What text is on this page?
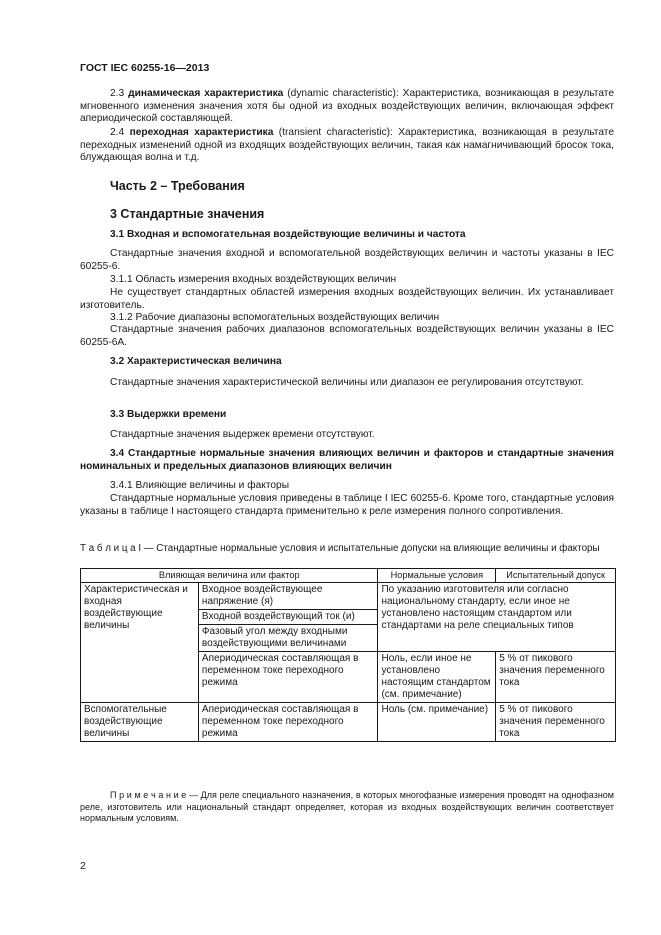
ГОСТ IEC 60255-16—2013

2.3 динамическая характеристика (dynamic characteristic): Характеристика, возникающая в результате мгновенного изменения значения хотя бы одной из входных воздействующих величин, включающая эффект апериодической составляющей.

2.4 переходная характеристика (transient characteristic): Характеристика, возникающая в результате переходных изменений одной из входящих воздействующих величин, такая как намагничивающий бросок тока, блуждающая волна и т.д.

Часть 2 – Требования
3 Стандартные значения
3.1 Входная и вспомогательная воздействующие величины и частота

Стандартные значения входной и вспомогательной воздействующих величин и частоты указаны в IEC 60255-6.

3.1.1 Область измерения входных воздействующих величин

Не существует стандартных областей измерения входных воздействующих величин. Их устанавливает изготовитель.

3.1.2 Рабочие диапазоны вспомогательных воздействующих величин

Стандартные значения рабочих диапазонов вспомогательных воздействующих величин указаны в IEC 60255-6A.

3.2 Характеристическая величина

Стандартные значения характеристической величины или диапазон ее регулирования отсутствуют.

3.3 Выдержки времени

Стандартные значения выдержек времени отсутствуют.

3.4 Стандартные нормальные значения влияющих величин и факторов и стандартные значения номинальных и предельных диапазонов влияющих величин

3.4.1 Влияющие величины и факторы

Стандартные нормальные условия приведены в таблице I IEC 60255-6. Кроме того, стандартные условия указаны в таблице I настоящего стандарта применительно к реле измерения полного сопротивления.

Т а б л и ц а I — Стандартные нормальные условия и испытательные допуски на влияющие величины и факторы

Влияющая величина или фактор		Нормальные условия	Испытательный допуск
Характеристическая и входная воздействующие величины	Входное воздействующее напряжение (я)	По указанию изготовителя или согласно национальному стандарту, если иное не установлено настоящим стандартом или стандартами на реле специальных типов	
	Входной воздействующий ток (и)		
	Фазовый угол между входными воздействующими величинами		
	Апериодическая составляющая в переменном токе переходного режима	Ноль, если иное не установлено настоящим стандартом (см. примечание)	5 % от пикового значения переменного тока
Вспомогательные воздействующие величины	Апериодическая составляющая в переменном токе переходного режима	Ноль (см. примечание)	5 % от пикового значения переменного тока

П р и м е ч а н и е — Для реле специального назначения, в которых многофазные измерения проводят на однофазном реле, изготовитель или национальный стандарт определяет, которая из входных воздействующих величин соответствует нормальным условиям.

2
